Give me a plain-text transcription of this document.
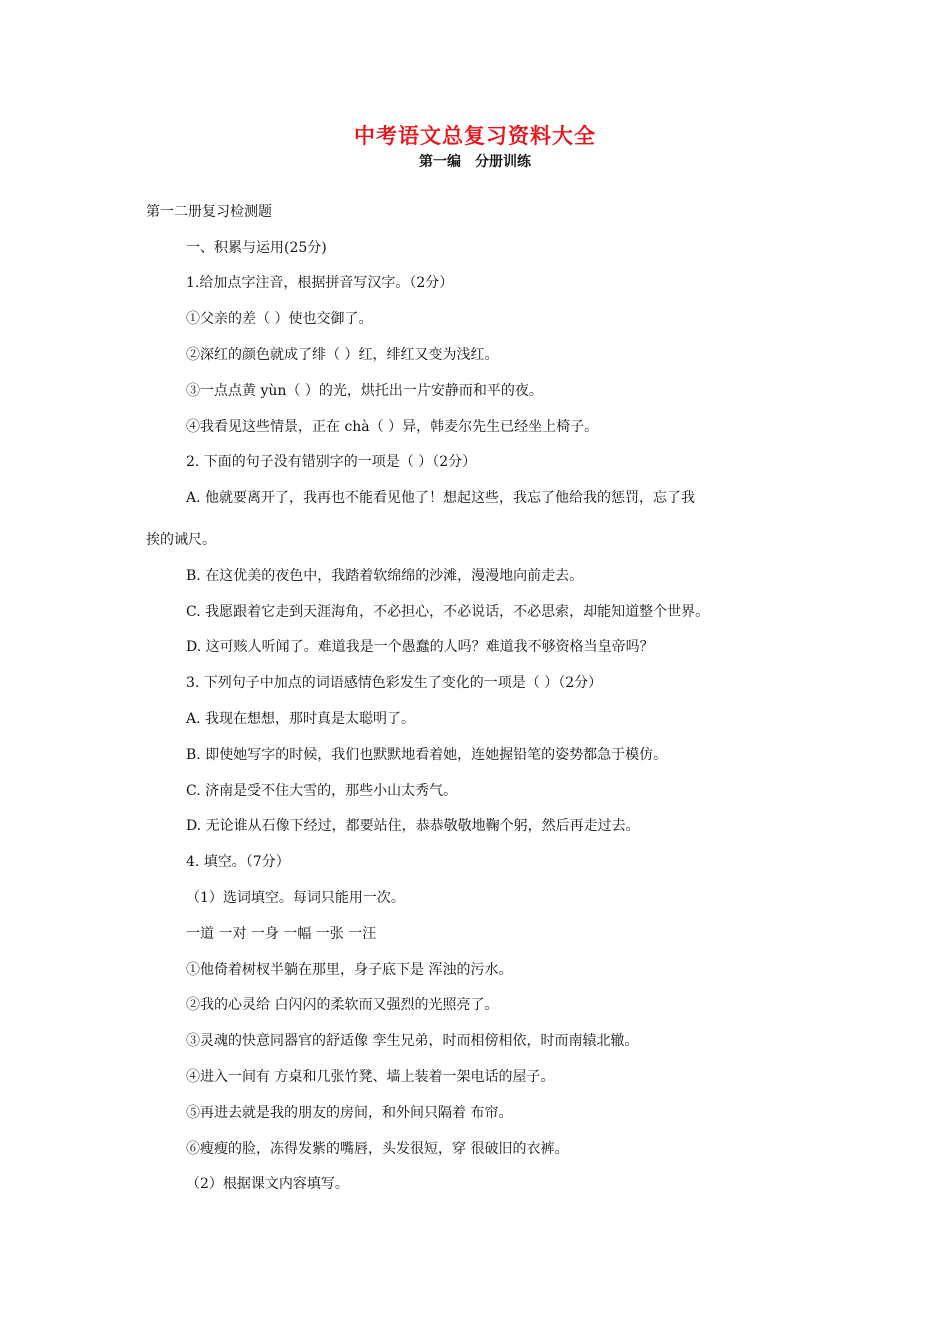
中考语文总复习资料大全
第一编　分册训练
第一二册复习检测题
一、积累与运用(25分)
1.给加点字注音，根据拼音写汉字。（2分）
①父亲的差（ ）使也交御了。
②深红的颜色就成了绯（ ）红，绯红又变为浅红。
③一点点黄 yùn（ ）的光，烘托出一片安静而和平的夜。
④我看见这些情景，正在 chà（ ）异，韩麦尔先生已经坐上椅子。
2. 下面的句子没有错别字的一项是（ ）（2分）
A. 他就要离开了，我再也不能看见他了！想起这些，我忘了他给我的惩罚，忘了我
挨的诫尺。
B. 在这优美的夜色中，我踏着软绵绵的沙滩，漫漫地向前走去。
C. 我愿跟着它走到天涯海角，不必担心，不必说话，不必思索，却能知道整个世界。
D. 这可赅人听闻了。难道我是一个愚蠢的人吗？难道我不够资格当皇帝吗？
3. 下列句子中加点的词语感情色彩发生了变化的一项是（ ）（2分）
A. 我现在想想，那时真是太聪明了。
B. 即使她写字的时候，我们也默默地看着她，连她握铅笔的姿势都急于模仿。
C. 济南是受不住大雪的，那些小山太秀气。
D. 无论谁从石像下经过，都要站住，恭恭敬敬地鞠个躬，然后再走过去。
4. 填空。（7分）
（1）选词填空。每词只能用一次。
一道 一对 一身 一幅 一张 一汪
①他倚着树杈半躺在那里，身子底下是 浑浊的污水。
②我的心灵给 白闪闪的柔软而又强烈的光照亮了。
③灵魂的快意同器官的舒适像 孪生兄弟，时而相傍相依，时而南辕北辙。
④进入一间有 方桌和几张竹凳、墙上装着一架电话的屋子。
⑤再进去就是我的朋友的房间，和外间只隔着 布帘。
⑥瘦瘦的脸，冻得发紫的嘴唇，头发很短，穿 很破旧的衣裤。
（2）根据课文内容填写。
